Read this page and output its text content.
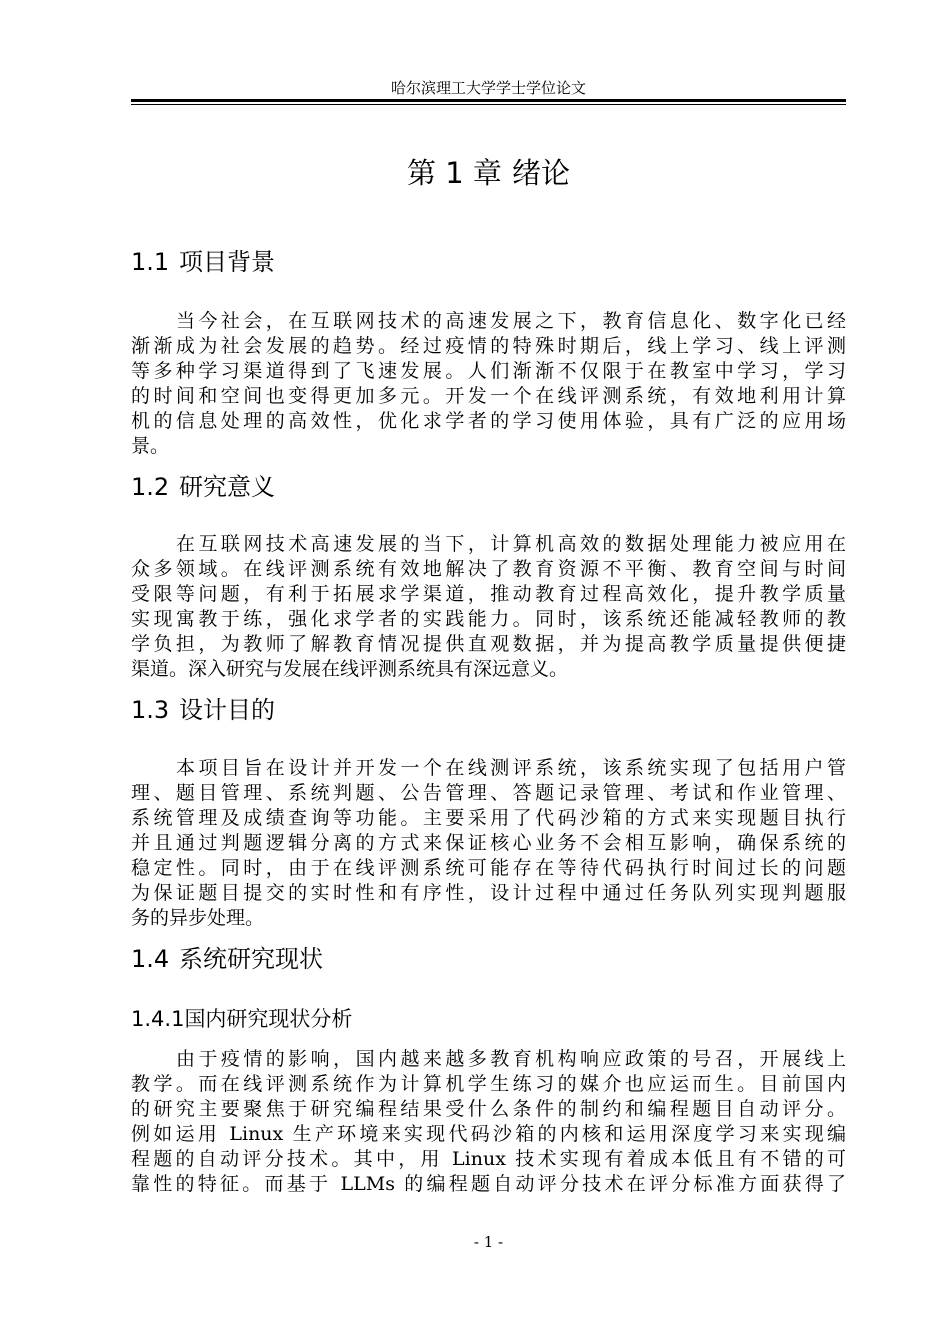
哈尔滨理工大学学士学位论文
第 1 章 绪论
1.1 项目背景
当今社会，在互联网技术的高速发展之下，教育信息化、数字化已经
渐渐成为社会发展的趋势。经过疫情的特殊时期后，线上学习、线上评测
等多种学习渠道得到了飞速发展。人们渐渐不仅限于在教室中学习，学习
的时间和空间也变得更加多元。开发一个在线评测系统，有效地利用计算
机的信息处理的高效性，优化求学者的学习使用体验，具有广泛的应用场
景。
1.2 研究意义
在互联网技术高速发展的当下，计算机高效的数据处理能力被应用在
众多领域。在线评测系统有效地解决了教育资源不平衡、教育空间与时间
受限等问题，有利于拓展求学渠道，推动教育过程高效化，提升教学质量
实现寓教于练，强化求学者的实践能力。同时，该系统还能减轻教师的教
学负担，为教师了解教育情况提供直观数据，并为提高教学质量提供便捷
渠道。深入研究与发展在线评测系统具有深远意义。
1.3 设计目的
本项目旨在设计并开发一个在线测评系统，该系统实现了包括用户管
理、题目管理、系统判题、公告管理、答题记录管理、考试和作业管理、
系统管理及成绩查询等功能。主要采用了代码沙箱的方式来实现题目执行
并且通过判题逻辑分离的方式来保证核心业务不会相互影响，确保系统的
稳定性。同时，由于在线评测系统可能存在等待代码执行时间过长的问题
为保证题目提交的实时性和有序性，设计过程中通过任务队列实现判题服
务的异步处理。
1.4 系统研究现状
1.4.1国内研究现状分析
由于疫情的影响，国内越来越多教育机构响应政策的号召，开展线上
教学。而在线评测系统作为计算机学生练习的媒介也应运而生。目前国内
的研究主要聚焦于研究编程结果受什么条件的制约和编程题目自动评分。
例如运用 Linux 生产环境来实现代码沙箱的内核和运用深度学习来实现编
程题的自动评分技术。其中，用 Linux 技术实现有着成本低且有不错的可
靠性的特征。而基于 LLMs 的编程题自动评分技术在评分标准方面获得了
- 1 -
